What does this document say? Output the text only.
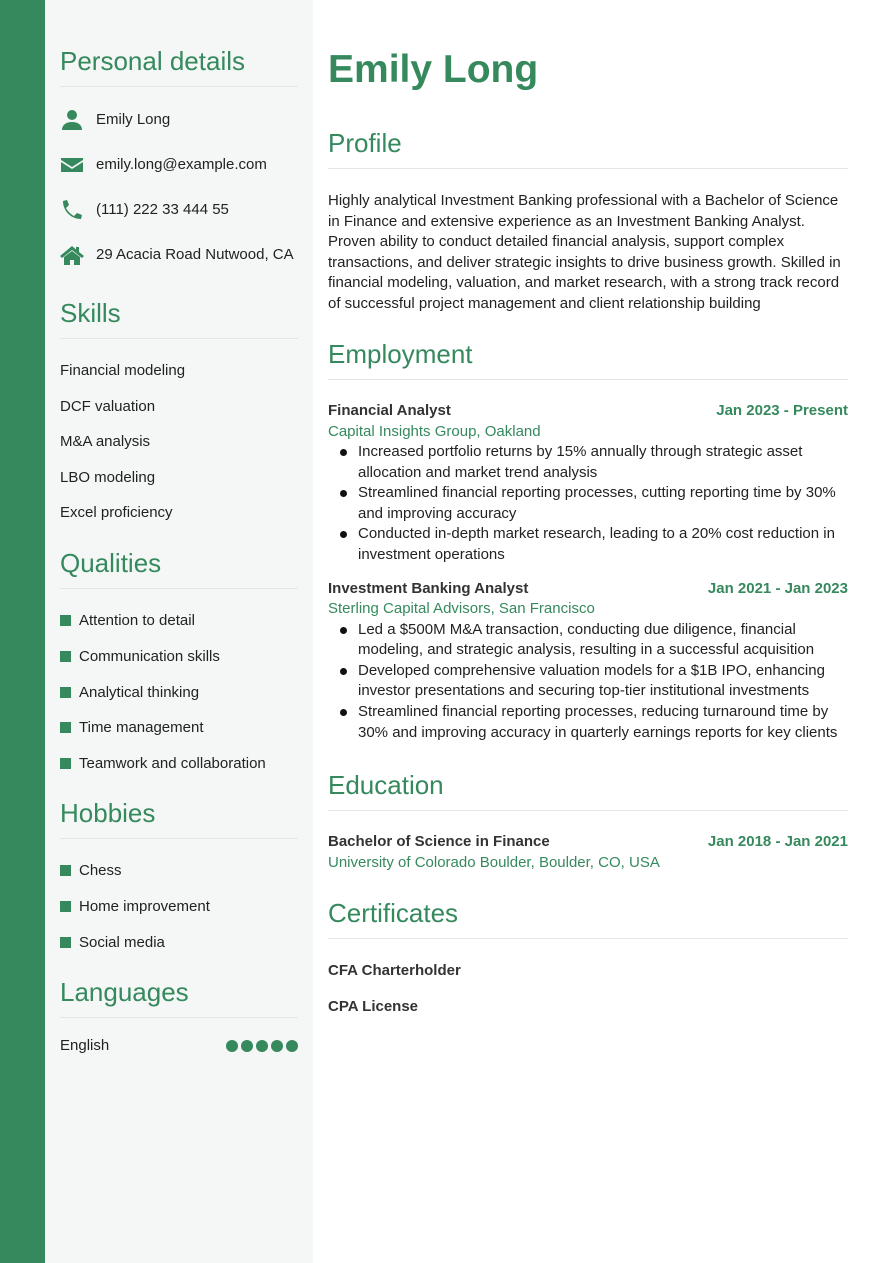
Personal details
Emily Long
emily.long@example.com
(111) 222 33 444 55
29 Acacia Road Nutwood, CA
Skills
Financial modeling
DCF valuation
M&A analysis
LBO modeling
Excel proficiency
Qualities
Attention to detail
Communication skills
Analytical thinking
Time management
Teamwork and collaboration
Hobbies
Chess
Home improvement
Social media
Languages
English
Emily Long
Profile
Highly analytical Investment Banking professional with a Bachelor of Science in Finance and extensive experience as an Investment Banking Analyst. Proven ability to conduct detailed financial analysis, support complex transactions, and deliver strategic insights to drive business growth. Skilled in financial modeling, valuation, and market research, with a strong track record of successful project management and client relationship building
Employment
Financial Analyst	Jan 2023 - Present
Capital Insights Group, Oakland
Increased portfolio returns by 15% annually through strategic asset allocation and market trend analysis
Streamlined financial reporting processes, cutting reporting time by 30% and improving accuracy
Conducted in-depth market research, leading to a 20% cost reduction in investment operations
Investment Banking Analyst	Jan 2021 - Jan 2023
Sterling Capital Advisors, San Francisco
Led a $500M M&A transaction, conducting due diligence, financial modeling, and strategic analysis, resulting in a successful acquisition
Developed comprehensive valuation models for a $1B IPO, enhancing investor presentations and securing top-tier institutional investments
Streamlined financial reporting processes, reducing turnaround time by 30% and improving accuracy in quarterly earnings reports for key clients
Education
Bachelor of Science in Finance	Jan 2018 - Jan 2021
University of Colorado Boulder, Boulder, CO, USA
Certificates
CFA Charterholder
CPA License
